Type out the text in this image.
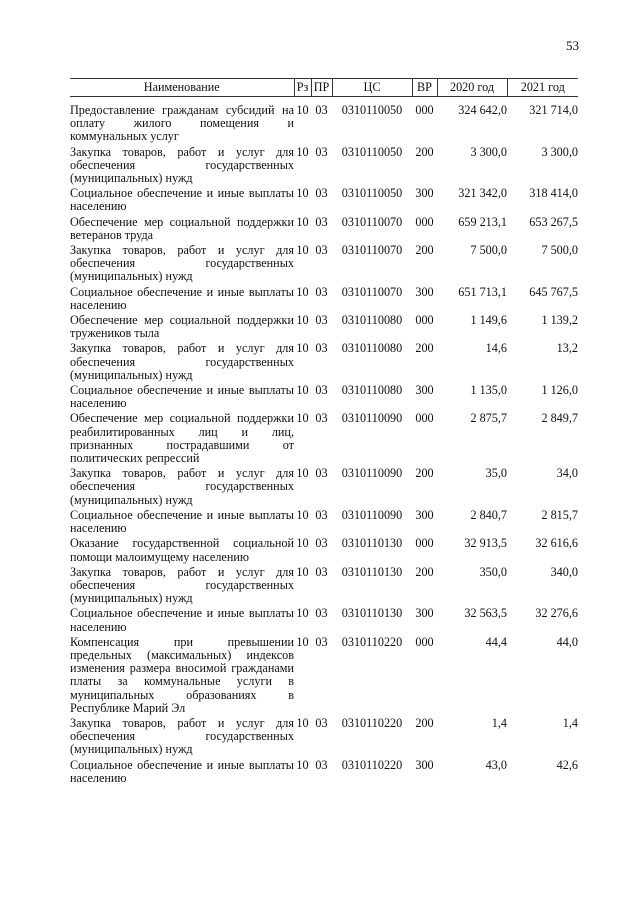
53
Наименование	Рз	ПР	ЦС	ВР	2020 год	2021 год
Предоставление гражданам субсидий на оплату жилого помещения и коммунальных услуг	10	03	0310110050	000	324 642,0	321 714,0
Закупка товаров, работ и услуг для обеспечения государственных (муниципальных) нужд	10	03	0310110050	200	3 300,0	3 300,0
Социальное обеспечение и иные выплаты населению	10	03	0310110050	300	321 342,0	318 414,0
Обеспечение мер социальной поддержки ветеранов труда	10	03	0310110070	000	659 213,1	653 267,5
Закупка товаров, работ и услуг для обеспечения государственных (муниципальных) нужд	10	03	0310110070	200	7 500,0	7 500,0
Социальное обеспечение и иные выплаты населению	10	03	0310110070	300	651 713,1	645 767,5
Обеспечение мер социальной поддержки тружеников тыла	10	03	0310110080	000	1 149,6	1 139,2
Закупка товаров, работ и услуг для обеспечения государственных (муниципальных) нужд	10	03	0310110080	200	14,6	13,2
Социальное обеспечение и иные выплаты населению	10	03	0310110080	300	1 135,0	1 126,0
Обеспечение мер социальной поддержки реабилитированных лиц и лиц, признанных пострадавшими от политических репрессий	10	03	0310110090	000	2 875,7	2 849,7
Закупка товаров, работ и услуг для обеспечения государственных (муниципальных) нужд	10	03	0310110090	200	35,0	34,0
Социальное обеспечение и иные выплаты населению	10	03	0310110090	300	2 840,7	2 815,7
Оказание государственной социальной помощи малоимущему населению	10	03	0310110130	000	32 913,5	32 616,6
Закупка товаров, работ и услуг для обеспечения государственных (муниципальных) нужд	10	03	0310110130	200	350,0	340,0
Социальное обеспечение и иные выплаты населению	10	03	0310110130	300	32 563,5	32 276,6
Компенсация при превышении предельных (максимальных) индексов изменения размера вносимой гражданами платы за коммунальные услуги в муниципальных образованиях в Республике Марий Эл	10	03	0310110220	000	44,4	44,0
Закупка товаров, работ и услуг для обеспечения государственных (муниципальных) нужд	10	03	0310110220	200	1,4	1,4
Социальное обеспечение и иные выплаты населению	10	03	0310110220	300	43,0	42,6
